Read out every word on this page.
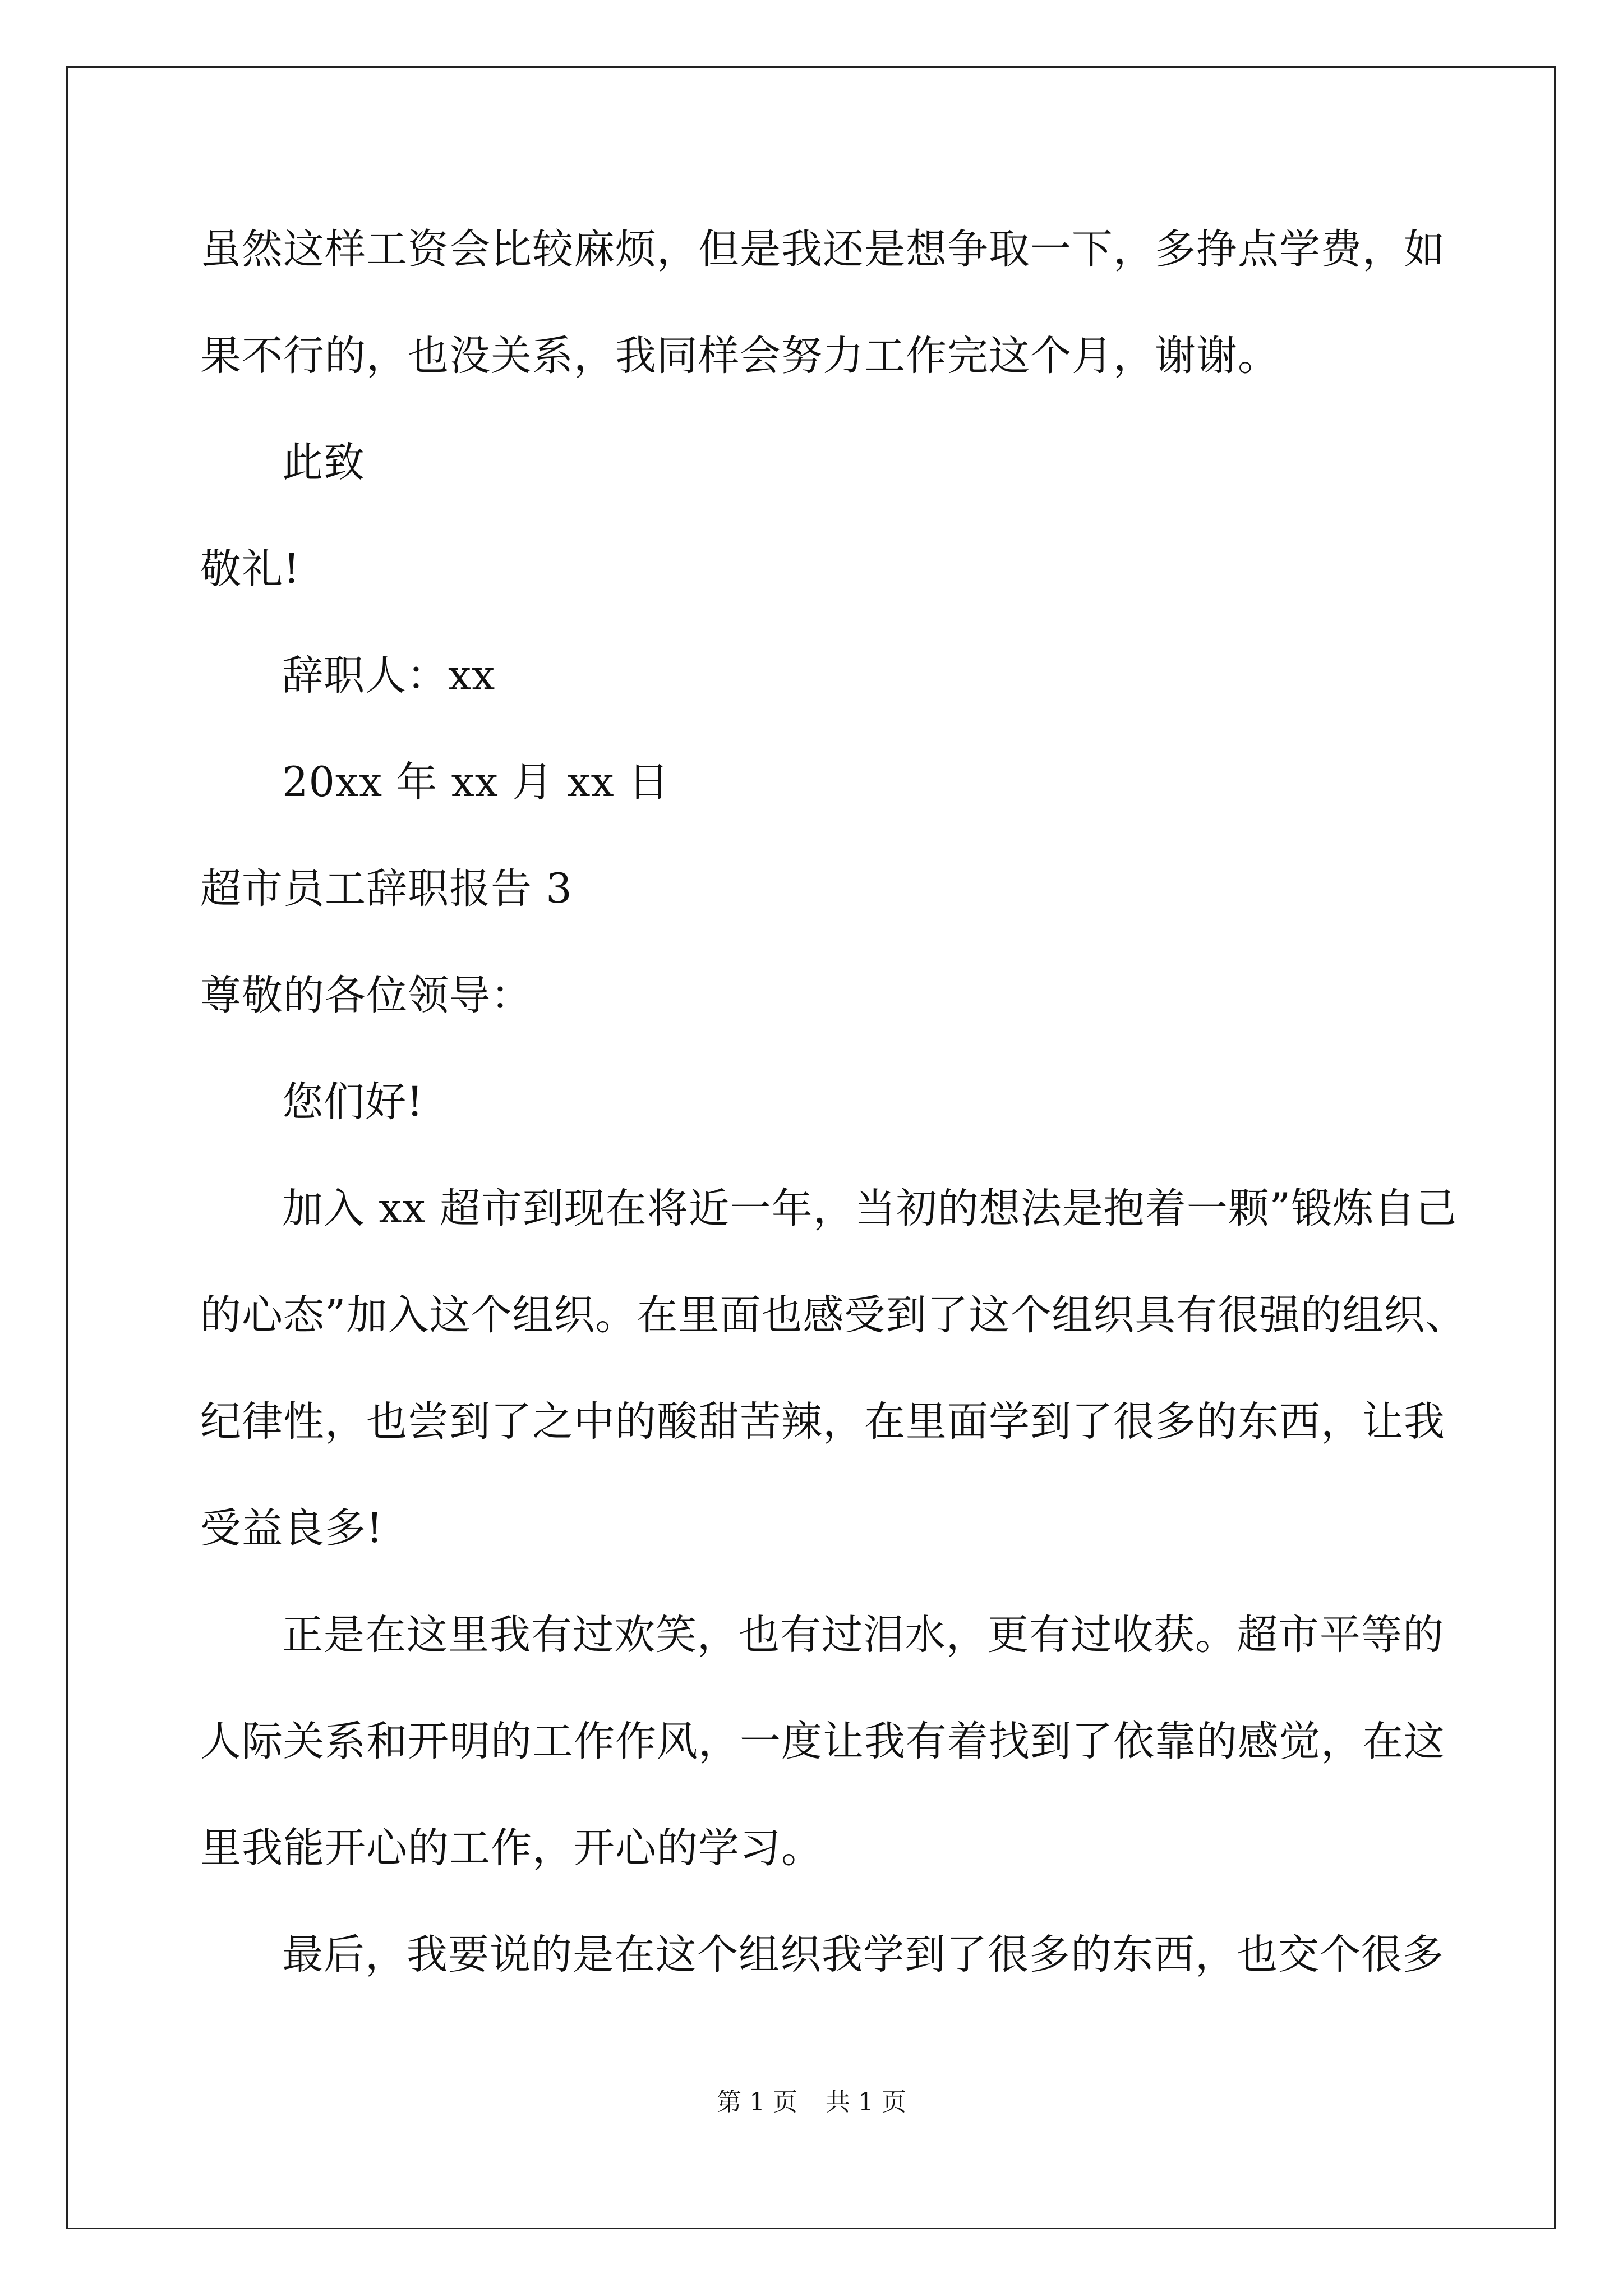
虽然这样工资会比较麻烦，但是我还是想争取一下，多挣点学费，如
果不行的，也没关系，我同样会努力工作完这个月，谢谢。
此致
敬礼!
辞职人：xx
20xx 年 xx 月 xx 日
超市员工辞职报告 3
尊敬的各位领导：
您们好!
加入 xx 超市到现在将近一年，当初的想法是抱着一颗”锻炼自己
的心态”加入这个组织。在里面也感受到了这个组织具有很强的组织、
纪律性，也尝到了之中的酸甜苦辣，在里面学到了很多的东西，让我
受益良多!
正是在这里我有过欢笑，也有过泪水，更有过收获。超市平等的
人际关系和开明的工作作风，一度让我有着找到了依靠的感觉，在这
里我能开心的工作，开心的学习。
最后，我要说的是在这个组织我学到了很多的东西，也交个很多
第 1 页 共 1 页
